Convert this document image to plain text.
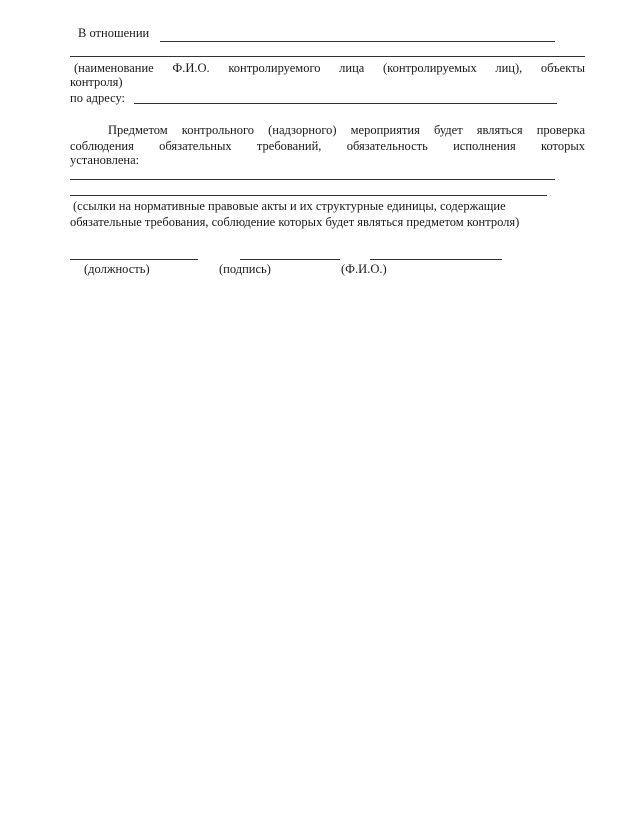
В отношении
(наименование Ф.И.О. контролируемого лица (контролируемых лиц), объекты
контроля)
по адресу:
Предметом контрольного (надзорного) мероприятия будет являться проверка
соблюдения обязательных требований, обязательность исполнения которых
установлена:
(ссылки на нормативные правовые акты и их структурные единицы, содержащие
обязательные требования, соблюдение которых будет являться предметом контроля)
(должность)	(подпись)	(Ф.И.О.)
